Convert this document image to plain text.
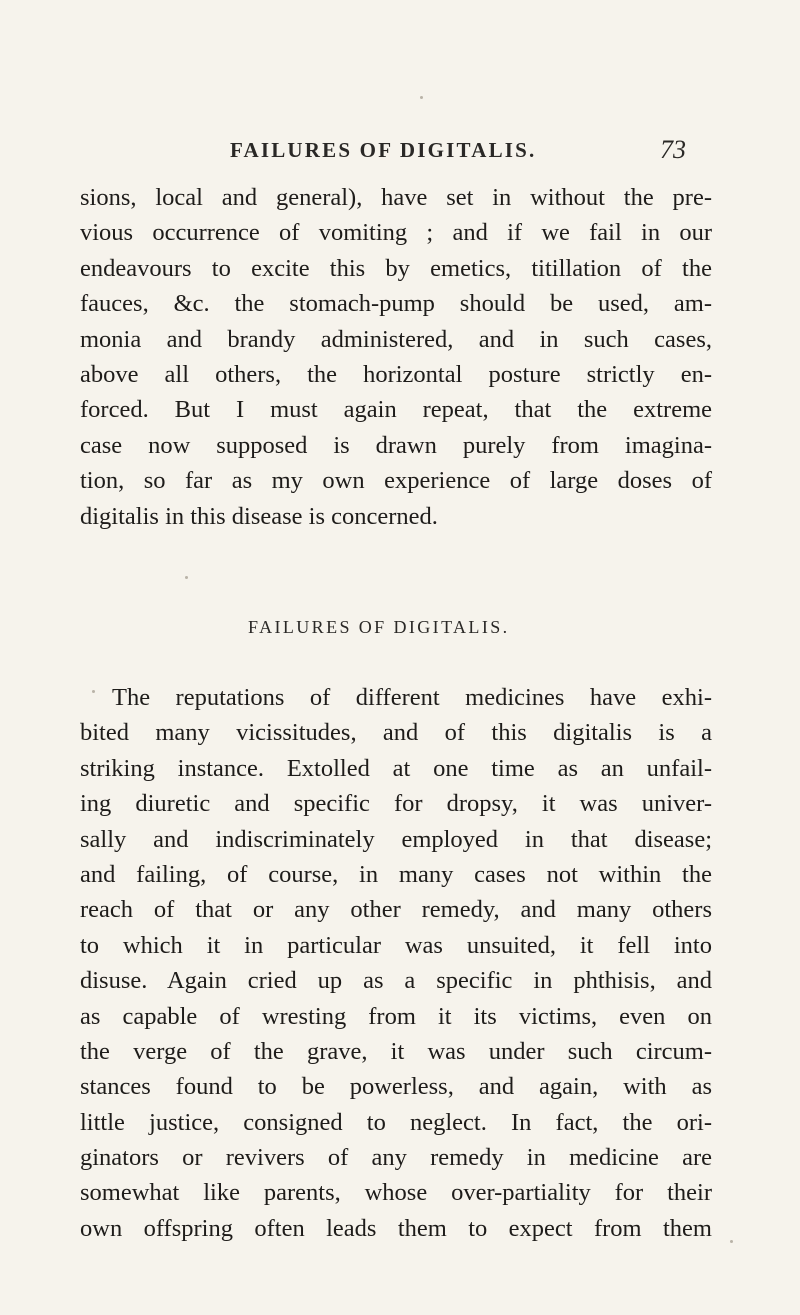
FAILURES OF DIGITALIS.	73
sions, local and general), have set in without the pre-
vious occurrence of vomiting ; and if we fail in our
endeavours to excite this by emetics, titillation of the
fauces, &c. the stomach-pump should be used, am-
monia and brandy administered, and in such cases,
above all others, the horizontal posture strictly en-
forced. But I must again repeat, that the extreme
case now supposed is drawn purely from imagina-
tion, so far as my own experience of large doses of
digitalis in this disease is concerned.
FAILURES OF DIGITALIS.
The reputations of different medicines have exhi-
bited many vicissitudes, and of this digitalis is a
striking instance. Extolled at one time as an unfail-
ing diuretic and specific for dropsy, it was univer-
sally and indiscriminately employed in that disease;
and failing, of course, in many cases not within the
reach of that or any other remedy, and many others
to which it in particular was unsuited, it fell into
disuse. Again cried up as a specific in phthisis, and
as capable of wresting from it its victims, even on
the verge of the grave, it was under such circum-
stances found to be powerless, and again, with as
little justice, consigned to neglect. In fact, the ori-
ginators or revivers of any remedy in medicine are
somewhat like parents, whose over-partiality for their
own offspring often leads them to expect from them
